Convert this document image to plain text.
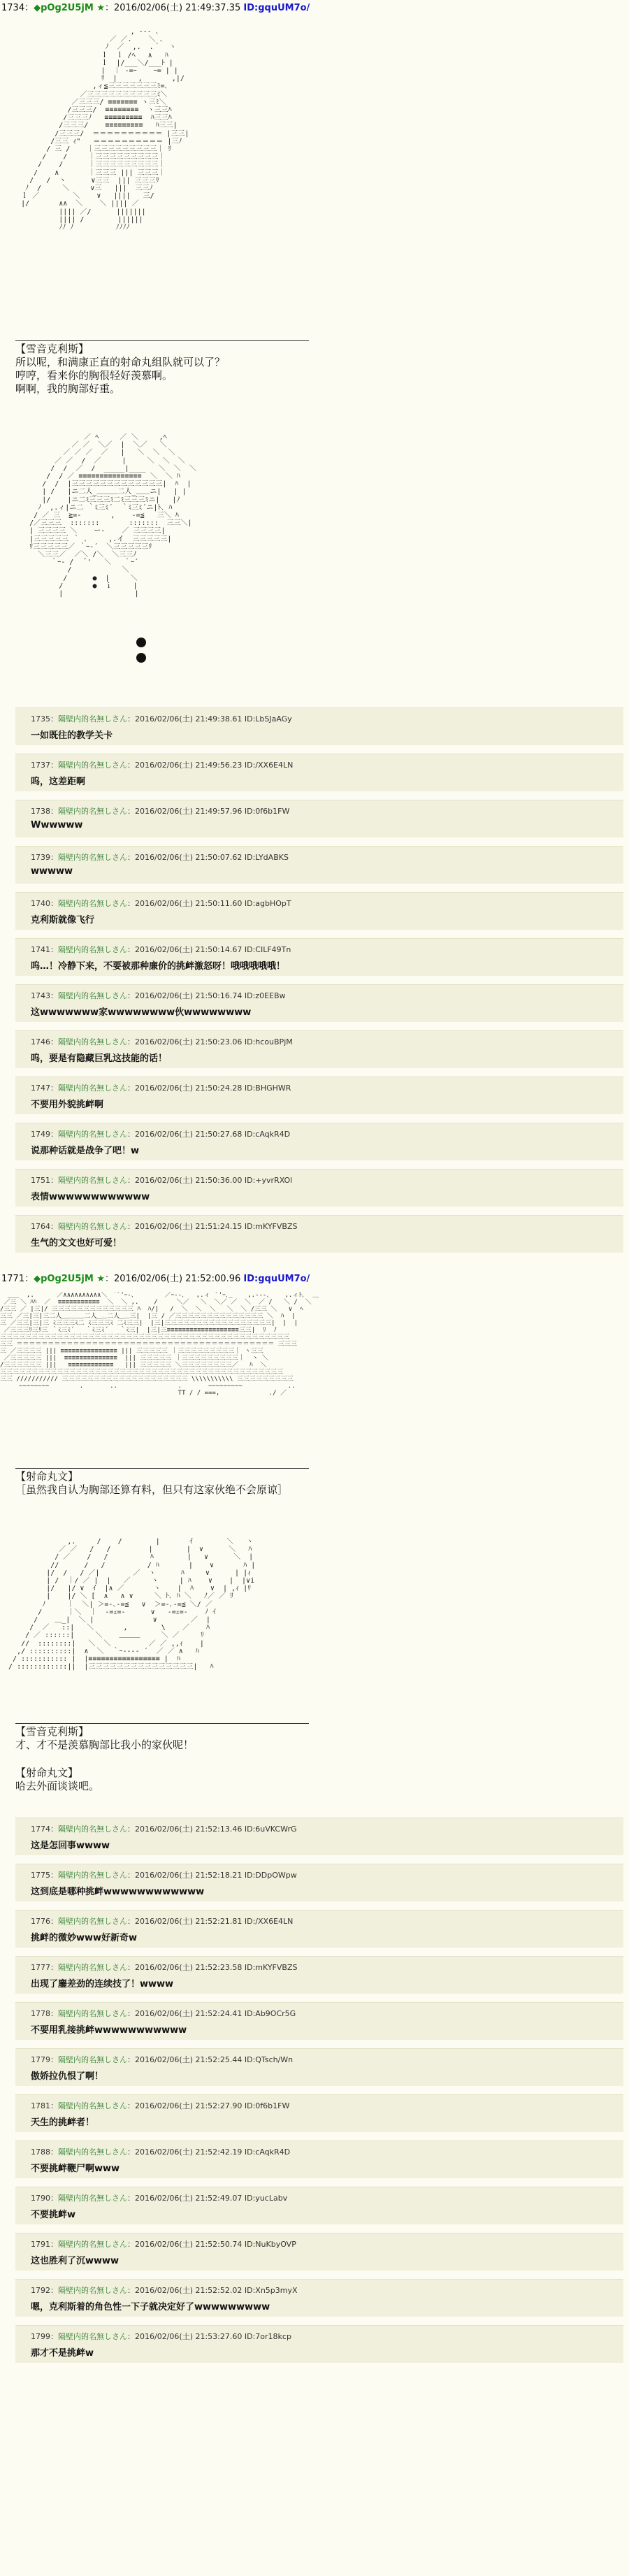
1734：◆pOg2U5jM ★：2016/02/06(土) 21:49:37.35 ID:gquUM7o/
, -‐- ､
／ ／.    ＼ ､
ﾉ  ／  ,.  .｀  ヽ
ｌ  ｌ /ﾍ   ∧   ﾊ
ｌ  |/___＼/___ﾄ |
|  ｜ -=ｰ    ｰ= | |
ﾘ  |     ,       ,|/
,ィ≦三三三三三三三ﾐ=､
／三三三三三三三三三三ﾐ＼
／三三三/ ≡≡≡≡≡≡≡ ヽ三ﾐ＼
/三三三/  ≡≡≡≡≡≡≡≡  ヽ三三ﾊ
/三三三ﾉ   ≡≡≡≡≡≡≡≡≡  ﾊ三三ﾊ
/三三三/    ≡≡≡≡≡≡≡≡≡   ﾊ三三|
/三三三/  ＝＝＝＝＝＝＝＝＝＝ |三三|
/三三 ｨ"   ＝＝＝＝＝＝＝＝＝＝ |三ﾉ
/ 三 /    ｜三三三三三三三三三｜ ﾘ
/    /     ｜三三三三三三三三三｜
/    /      ｜三三三三三三三三三｜
/    ∧       ｜三三三 ||| 三三三｜
/   /  ヽ      ∨三三  ||| 三三三ﾘ
ﾉ  /     ＼     ∨三   |||  三三ﾉ
ｌ ／        ＼    ∨   ||||   三/
|/       ∧∧  ＼    ＼ |||| ／
|||| ／/      |||||||
|||| /        ||||||
ﾉﾉ ﾉ          ﾉﾉﾉﾉ

【雪音克利斯】
所以呢，和满康正直的射命丸组队就可以了？
哼哼，看来你的胸很轻好羡慕啊。
啊啊，我的胸部好重。
／ ﾍ     ／ ＼     ,ﾍ
／ ／  ＼／  |  ＼／   ＼
／ ／ ／  ／   |   ＼  ＼  ＼
／ ／  /  ／     |     ＼  ＼  ＼
/  /  ／  /  _____|____   ＼  ＼  ＼
/  / ／ ≡≡≡≡≡≡≡≡≡≡≡≡≡≡≡  ＼  ＼ ﾊ
/  /  |三三三三三三三三三三三三三|  ﾊ  |
| /   |ニ二人_＿＿＿二人_＿＿ニ|   | |
|/    |ニ二ﾐ三三三ﾐ二ﾐ三三三ﾐニ|   |ﾉ
ﾉ  ,.ィ|ニ二 ｀ﾐ三ﾐ´  ｀ﾐ三ﾐ´ニ|ﾄ､ ﾊ
/ ／ 三  ≧=-       ,    -=≦   三＼ ﾊ
/／三三三  :::::::       :::::::  三三＼|
| 三三三三 ＼    ー‐    ／ 三三三三|
|三三三三三 ｀ ､     ,.イ  三三三三三|
ﾘ三三三三三／ ｀ｰ‐´  ＼三三三三三ﾘ
＼三三／  ／＼ /＼  ＼三三ﾉ
｀ｰ‐ /   ﾞ'   ＼   ｀ｰ´
/            ＼
/      ●  |     ＼
/       ●  ｉ     |
|                 |

1735：隔壁内的名無しさん：2016/02/06(土) 21:49:38.61 ID:LbSJaAGy
一如既往的教学关卡
1737：隔壁内的名無しさん：2016/02/06(土) 21:49:56.23 ID:/XX6E4LN
呜，这差距啊
1738：隔壁内的名無しさん：2016/02/06(土) 21:49:57.96 ID:0f6b1FW
Wwwwww
1739：隔壁内的名無しさん：2016/02/06(土) 21:50:07.62 ID:LYdABKS
wwwww
1740：隔壁内的名無しさん：2016/02/06(土) 21:50:11.60 ID:agbHOpT
克利斯就像飞行
1741：隔壁内的名無しさん：2016/02/06(土) 21:50:14.67 ID:CILF49Tn
呜…！冷静下来，不要被那种廉价的挑衅激怒呀！哦哦哦哦哦！
1743：隔壁内的名無しさん：2016/02/06(土) 21:50:16.74 ID:z0EEBw
这wwwwwww家wwwwwwww伙wwwwwwww
1746：隔壁内的名無しさん：2016/02/06(土) 21:50:23.06 ID:hcouBPjM
呜，要是有隐藏巨乳这技能的话！
1747：隔壁内的名無しさん：2016/02/06(土) 21:50:24.28 ID:BHGHWR
不要用外貌挑衅啊
1749：隔壁内的名無しさん：2016/02/06(土) 21:50:27.68 ID:cAqkR4D
说那种话就是战争了吧！w
1751：隔壁内的名無しさん：2016/02/06(土) 21:50:36.00 ID:+yvrRXOl
表情wwwwwwwwwwww
1764：隔壁内的名無しさん：2016/02/06(土) 21:51:24.15 ID:mKYFVBZS
生气的文文也好可爱！
1771：◆pOg2U5jM ★：2016/02/06(土) 21:52:00.96 ID:gquUM7o/
___  ,.      ／∧∧∧∧∧∧∧∧∧∧＼ ｀ﾞ'ｰ-､        ／ｰ‐-､   ,.ィ  ﾞ'ｰ､_    ,.-‐-､    ,.ィﾄ､  ＿
／三 ＼ ﾊﾊ  ／  ≡≡≡≡≡≡≡≡≡≡≡  ＼  ＼ ,.    /     ＼／   ＼  ＼／ ／  ＼  ／ /   ＼ /  ＼
/三三 ／ |三|/ 三三三三三三三三三三三三三 ﾊ  ﾊ/|   /  ＼  ＼  ＼   ＼  ＼ /三三 ＼   ∨  ﾍ
三三 ／三|三|三二人_＿＿＿二人_＿二人_＿三|  |三 / ／三三三三三三三三三三三三三三 ＼  ﾊ  |
三 ／三三|三|三 ﾐ三三三ﾐ二 ﾐ三三三ﾐ 二ﾐ三三|  |三|三三三三三三三三三三三三三三三三三|  |  |
／三三三ﾘ三ﾘ三 ｀ﾐ三ﾐ´   ｀ﾐ三ﾐ´   ｀ﾐ三|  |三|三≡≡≡≡≡≡≡≡≡≡≡≡≡≡≡≡≡≡≡三三|  ﾘ  ﾉ
三三三三三三三三三三三三三三三三三三三三三三三三三三三三三三三三三三三三三三三三三三三三三三
三三 ＝＝＝＝＝＝＝＝＝＝＝＝＝＝＝＝＝＝＝＝＝＝＝＝＝＝＝＝＝＝＝＝＝＝＝＝＝＝＝＝＝ 三三三
三 ／三三三三 ||| ≡≡≡≡≡≡≡≡≡≡≡≡≡≡≡ ||| 三三三三三 ｜三三三三三三三三三｜ ヽ三三
／三三三三三 |||  ≡≡≡≡≡≡≡≡≡≡≡≡≡≡  ||| 三三三三三 ｜三三三三三三三三三｜  ヽ ＼
/三三三三三三 |||   ≡≡≡≡≡≡≡≡≡≡≡≡   ||| 三三三三三 ＼三三三三三三三三／   ﾊ  ＼
三三三三三三三三三三三三三三三三三三三三三三三三三三三三三三三三三三三三三三三三三三三三三
三三 /////////// 三三三三三三三三三三三三三三三三三三三三 \\\\\\\\\\\ 三三三三三三三三三
~~~~~~~~        .       ..                .       ~~~~~~~~~            ..
TT / / ===,             ./ ／

【射命丸文】
［虽然我自认为胸部还算有料，但只有这家伙绝不会原谅］
,.     /    /        |       ｲ        ＼   ヽ
／ ／   /   /         |        |  ∨      ＼   ﾊ
/ ／    /   /          ﾊ        |   ∨      ＼  |
//      /   /          / ﾊ       |    ∨       ﾊ |
|/  /   / ／|        ／  ヽ      ﾊ     ∨      | |ｨ
| /  ｜/ ／ |  |   ／     ヽ     | ﾊ    ∨    |  |∨i
|/   |/ ∨  ｲ  |∧ ／       ヽ    |  ﾊ    ∨  | ,ｨ |ﾘ
|    |/ ＼ [  ∧   ∧ ∨     ＼ ﾄ､ ﾊ ＼   ﾉ／ ／ ﾘ
ﾉ     ｜  ＼| ＞=-､-=≦   ∨  ＞=-､-=≦ ＼/ ／
/      ｜＼  ｜  ‐=ｪ=‐      ∨   ‐=ｪ=‐    ﾉ ｲ
/    ＿_|  ＼ |              ∨        ／  |
/  ／   ::|   ＼       ,        \    ／    ﾊ
/ ／ ::::::|     ＼    ＿＿＿     ＼ ／     ﾘ
//  ::::::::|   ＼  ＼         ／ ／ ,,ｨ    |
,/ ::::::::::|  ∧  ＼  ｀ｰ---‐ ´  ／ ／ ∧   ﾊ
/ ::::::::::: |  |≡≡≡≡≡≡≡≡≡≡≡≡≡≡≡≡≡ |  ﾊ
/ ::::::::::::||  |三三三三三三三三三三三三三三三|   ﾊ

【雪音克利斯】
才、才不是羡慕胸部比我小的家伙呢！
【射命丸文】
哈去外面谈谈吧。
1774：隔壁内的名無しさん：2016/02/06(土) 21:52:13.46 ID:6uVKCWrG
这是怎回事wwww
1775：隔壁内的名無しさん：2016/02/06(土) 21:52:18.21 ID:DDpOWpw
这到底是哪种挑衅wwwwwwwwwwww
1776：隔壁内的名無しさん：2016/02/06(土) 21:52:21.81 ID:/XX6E4LN
挑衅的微妙www好新奇w
1777：隔壁内的名無しさん：2016/02/06(土) 21:52:23.58 ID:mKYFVBZS
出现了鏖差劲的连续技了！wwww
1778：隔壁内的名無しさん：2016/02/06(土) 21:52:24.41 ID:Ab9OCr5G
不要用乳接挑衅wwwwwwwwwww
1779：隔壁内的名無しさん：2016/02/06(土) 21:52:25.44 ID:QTsch/Wn
傲娇拉仇恨了啊！
1781：隔壁内的名無しさん：2016/02/06(土) 21:52:27.90 ID:0f6b1FW
天生的挑衅者！
1788：隔壁内的名無しさん：2016/02/06(土) 21:52:42.19 ID:cAqkR4D
不要挑衅鞭尸啊www
1790：隔壁内的名無しさん：2016/02/06(土) 21:52:49.07 ID:yucLabv
不要挑衅w
1791：隔壁内的名無しさん：2016/02/06(土) 21:52:50.74 ID:NuKbyOVP
这也胜利了沉wwww
1792：隔壁内的名無しさん：2016/02/06(土) 21:52:52.02 ID:Xn5p3myX
嗯，克利斯着的角色性一下子就决定好了wwwwwwwww
1799：隔壁内的名無しさん：2016/02/06(土) 21:53:27.60 ID:7or18kcp
那才不是挑衅w
